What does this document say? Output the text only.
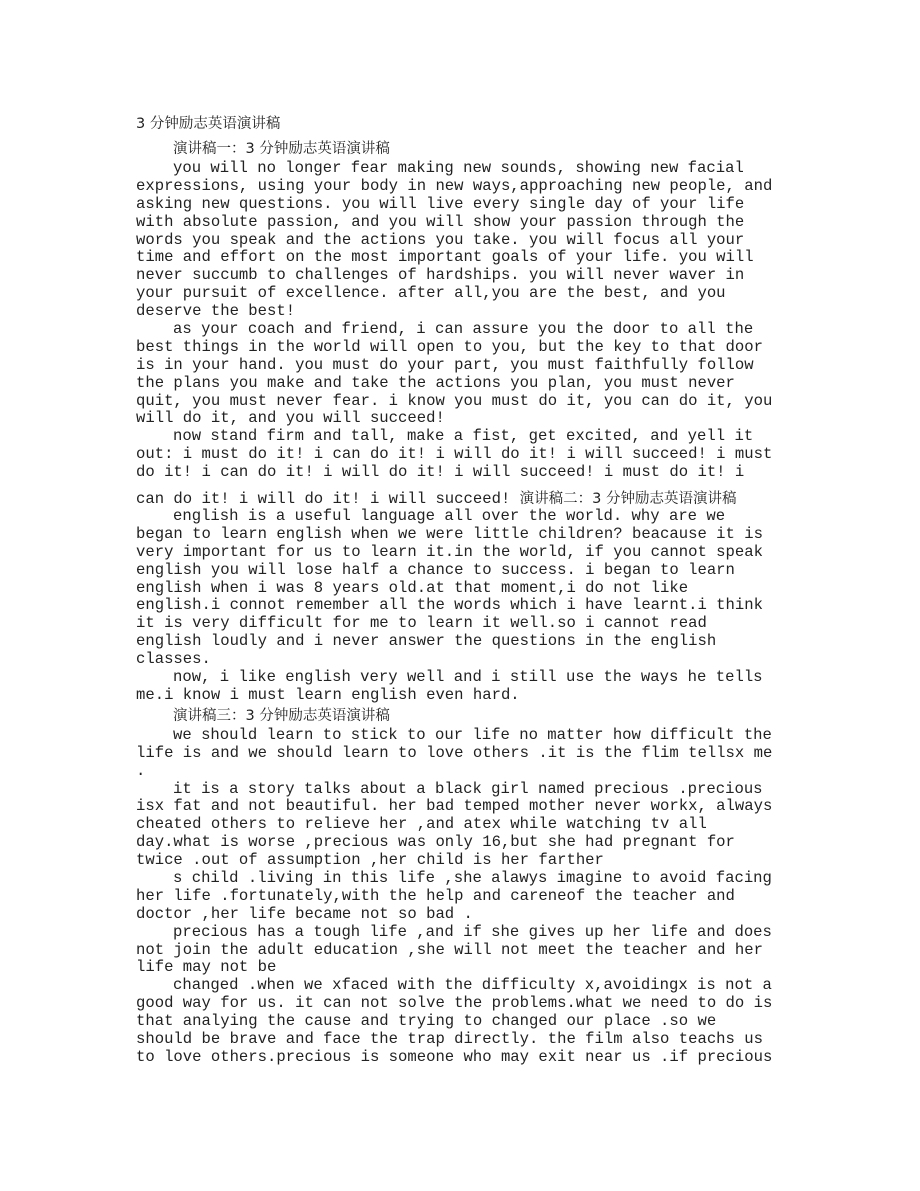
3 分钟励志英语演讲稿
演讲稿一：3 分钟励志英语演讲稿
you will no longer fear making new sounds, showing new facial
expressions, using your body in new ways,approaching new people, and
asking new questions. you will live every single day of your life
with absolute passion, and you will show your passion through the
words you speak and the actions you take. you will focus all your
time and effort on the most important goals of your life. you will
never succumb to challenges of hardships. you will never waver in
your pursuit of excellence. after all,you are the best, and you
deserve the best!
as your coach and friend, i can assure you the door to all the
best things in the world will open to you, but the key to that door
is in your hand. you must do your part, you must faithfully follow
the plans you make and take the actions you plan, you must never
quit, you must never fear. i know you must do it, you can do it, you
will do it, and you will succeed!
now stand firm and tall, make a fist, get excited, and yell it
out: i must do it! i can do it! i will do it! i will succeed! i must
do it! i can do it! i will do it! i will succeed! i must do it! i
can do it! i will do it! i will succeed! 演讲稿二：3 分钟励志英语演讲稿
english is a useful language all over the world. why are we
began to learn english when we were little children? beacause it is
very important for us to learn it.in the world, if you cannot speak
english you will lose half a chance to success. i began to learn
english when i was 8 years old.at that moment,i do not like
english.i connot remember all the words which i have learnt.i think
it is very difficult for me to learn it well.so i cannot read
english loudly and i never answer the questions in the english
classes.
now, i like english very well and i still use the ways he tells
me.i know i must learn english even hard.
演讲稿三：3 分钟励志英语演讲稿
we should learn to stick to our life no matter how difficult the
life is and we should learn to love others .it is the flim tellsx me
.
it is a story talks about a black girl named precious .precious
isx fat and not beautiful. her bad temped mother never workx, always
cheated others to relieve her ,and atex while watching tv all
day.what is worse ,precious was only 16,but she had pregnant for
twice .out of assumption ,her child is her farther
s child .living in this life ,she alawys imagine to avoid facing
her life .fortunately,with the help and careneof the teacher and
doctor ,her life became not so bad .
precious has a tough life ,and if she gives up her life and does
not join the adult education ,she will not meet the teacher and her
life may not be
changed .when we xfaced with the difficulty x,avoidingx is not a
good way for us. it can not solve the problems.what we need to do is
that analying the cause and trying to changed our place .so we
should be brave and face the trap directly. the film also teachs us
to love others.precious is someone who may exit near us .if precious
